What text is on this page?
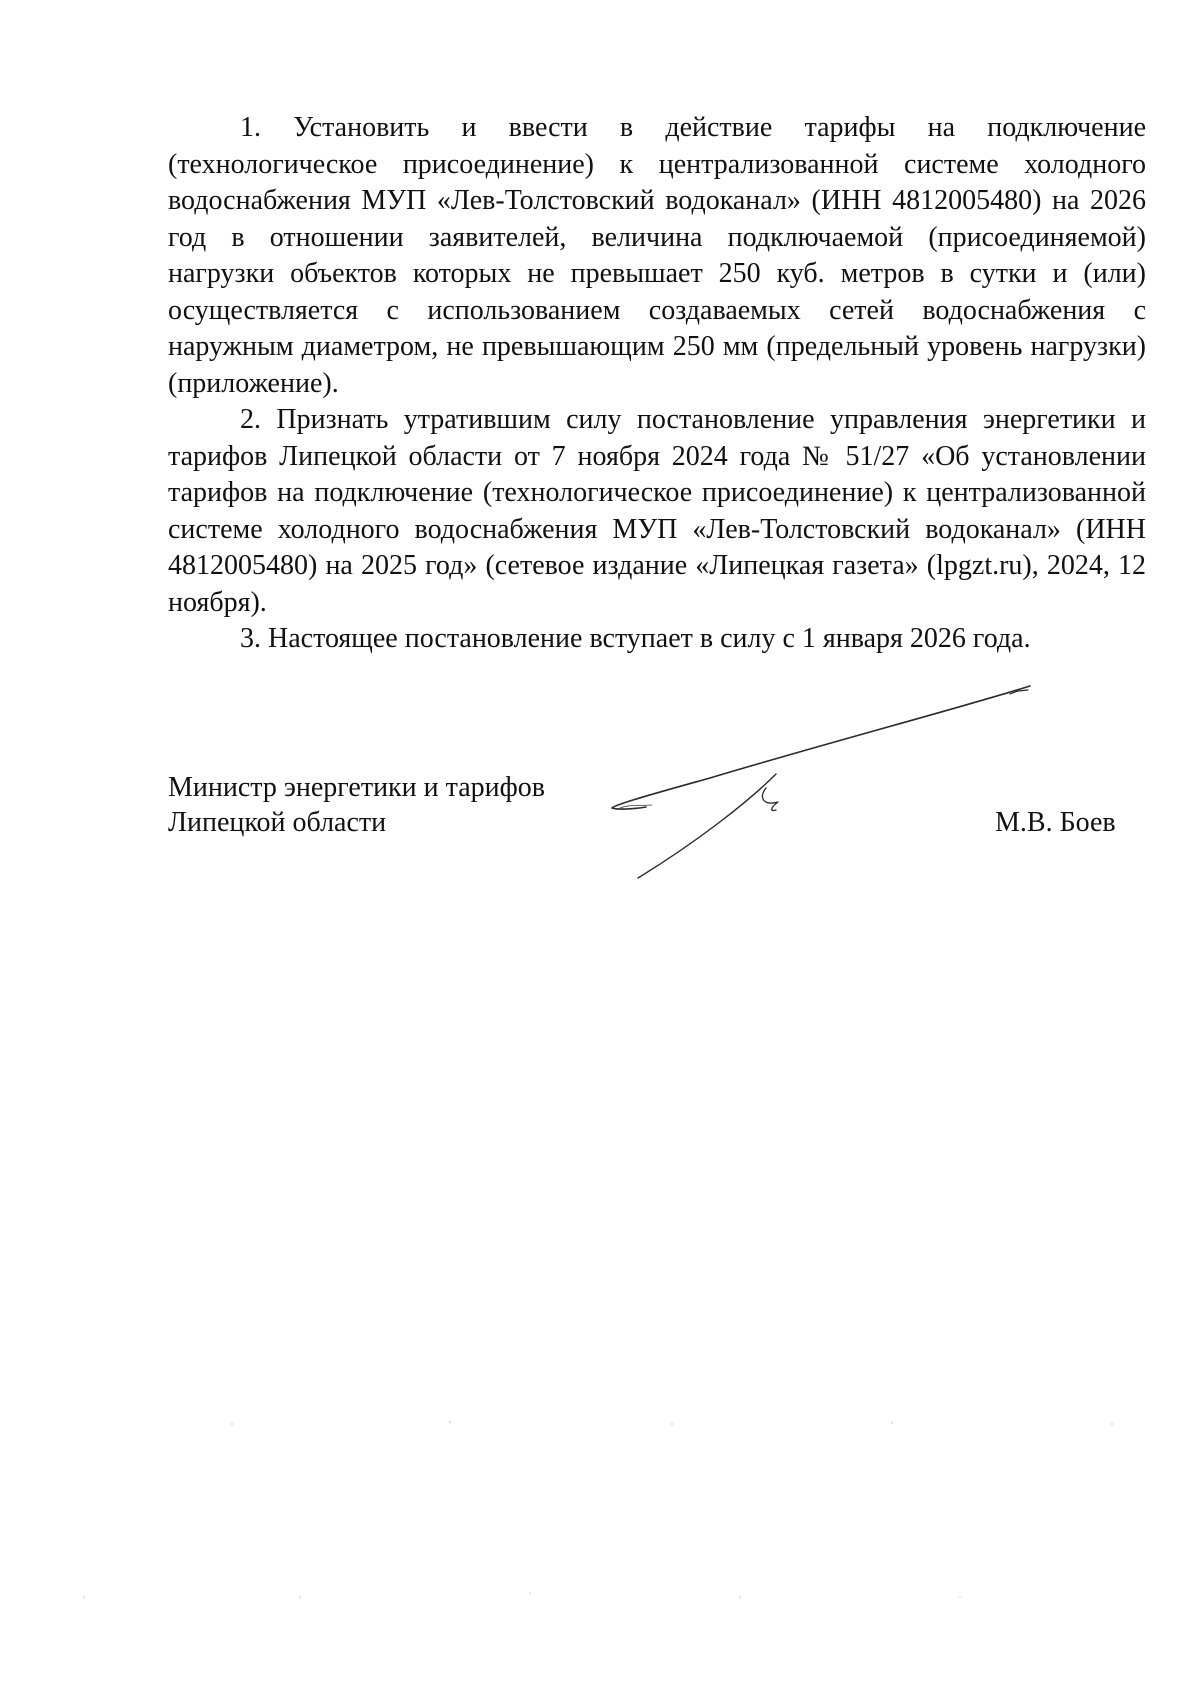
1. Установить и ввести в действие тарифы на подключение (технологическое присоединение) к централизованной системе холодного водоснабжения МУП «Лев-Толстовский водоканал» (ИНН 4812005480) на 2026 год в отношении заявителей, величина подключаемой (присоединяемой) нагрузки объектов которых не превышает 250 куб. метров в сутки и (или) осуществляется с использованием создаваемых сетей водоснабжения с наружным диаметром, не превышающим 250 мм (предельный уровень нагрузки) (приложение).

2. Признать утратившим силу постановление управления энергетики и тарифов Липецкой области от 7 ноября 2024 года № 51/27 «Об установлении тарифов на подключение (технологическое присоединение) к централизованной системе холодного водоснабжения МУП «Лев-Толстовский водоканал» (ИНН 4812005480) на 2025 год» (сетевое издание «Липецкая газета» (lpgzt.ru), 2024, 12 ноября).

3. Настоящее постановление вступает в силу с 1 января 2026 года.

Министр энергетики и тарифов
Липецкой области	М.В. Боев
